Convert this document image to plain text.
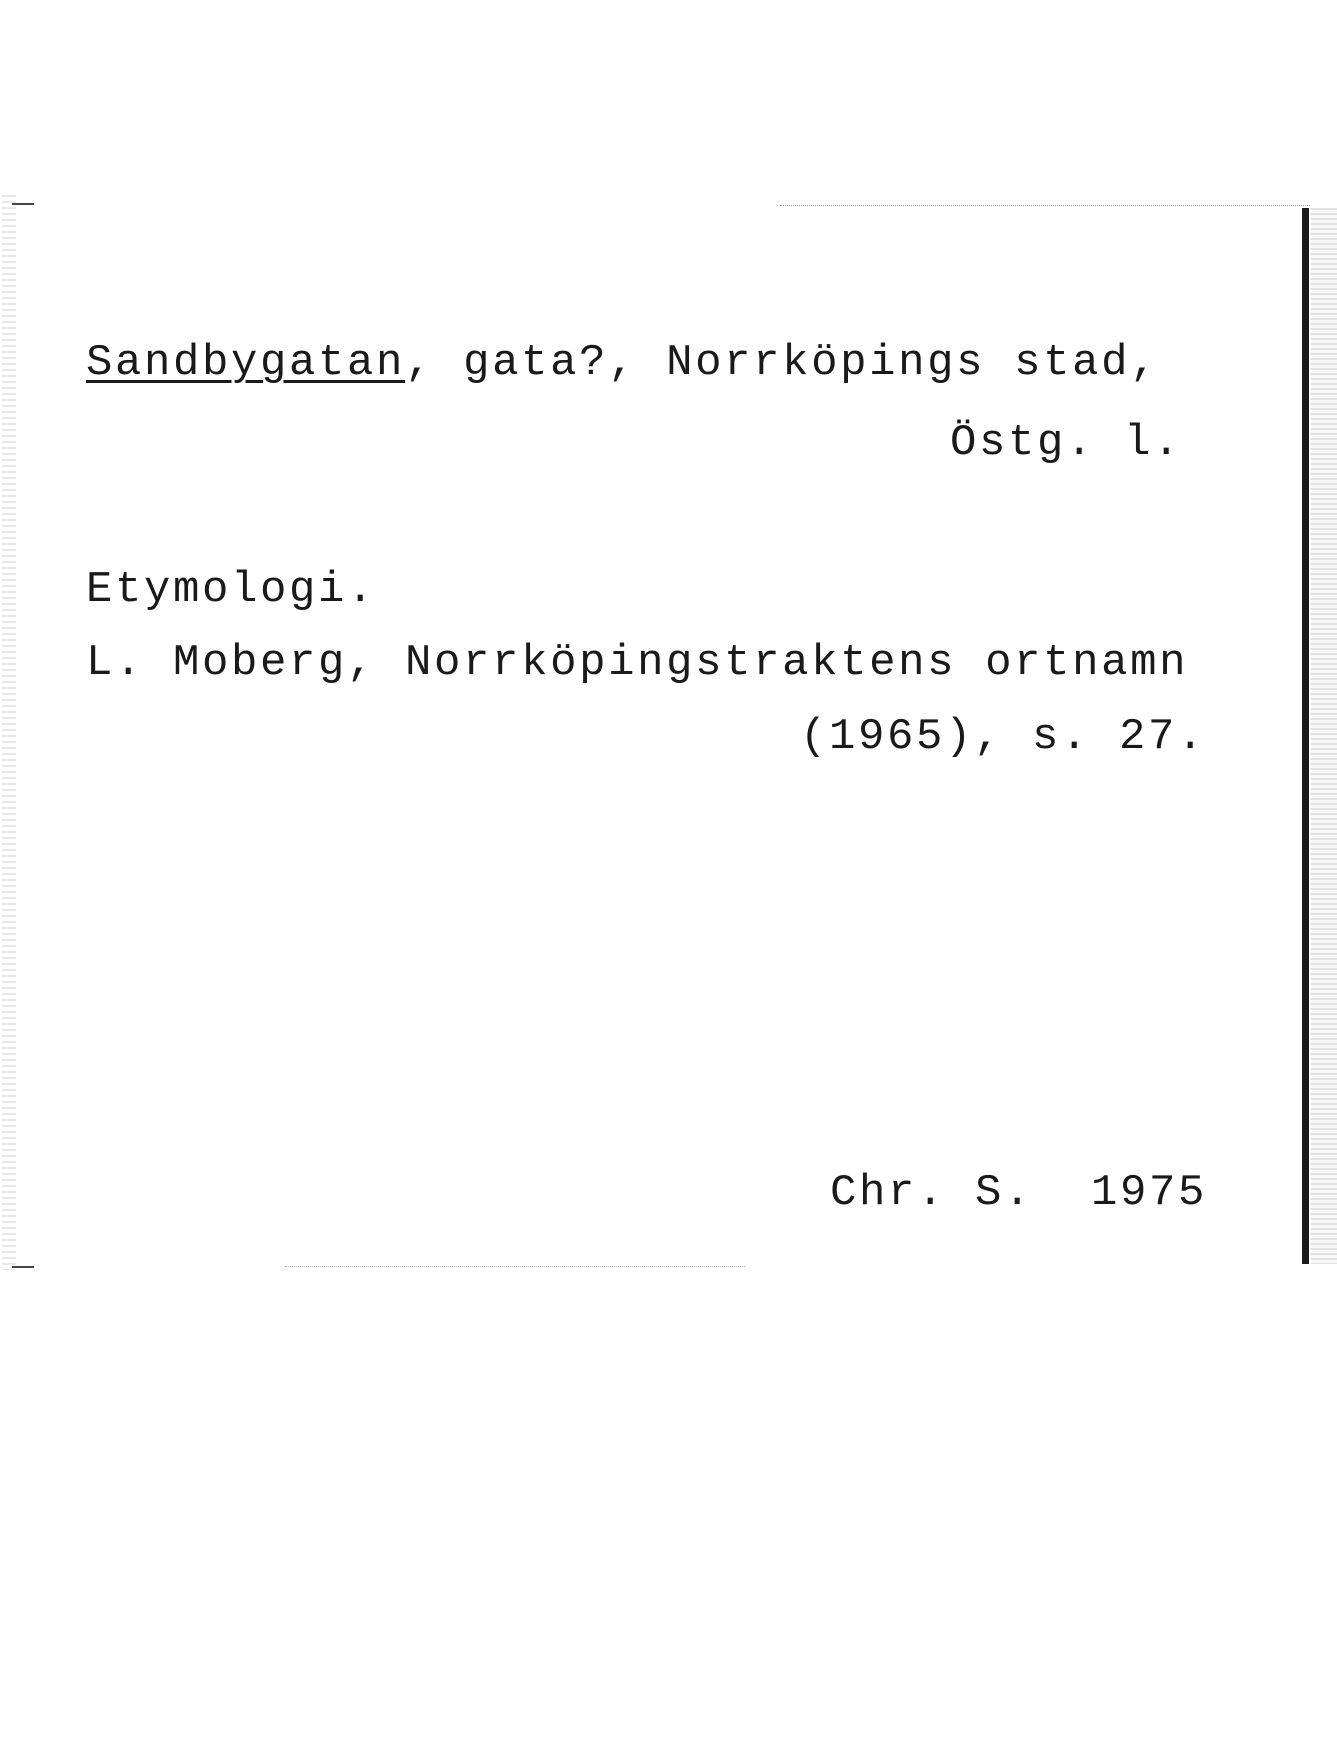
Sandbygatan, gata?, Norrköpings stad,
Östg. l.
Etymologi.
L. Moberg, Norrköpingstraktens ortnamn
(1965), s. 27.
Chr. S.  1975
